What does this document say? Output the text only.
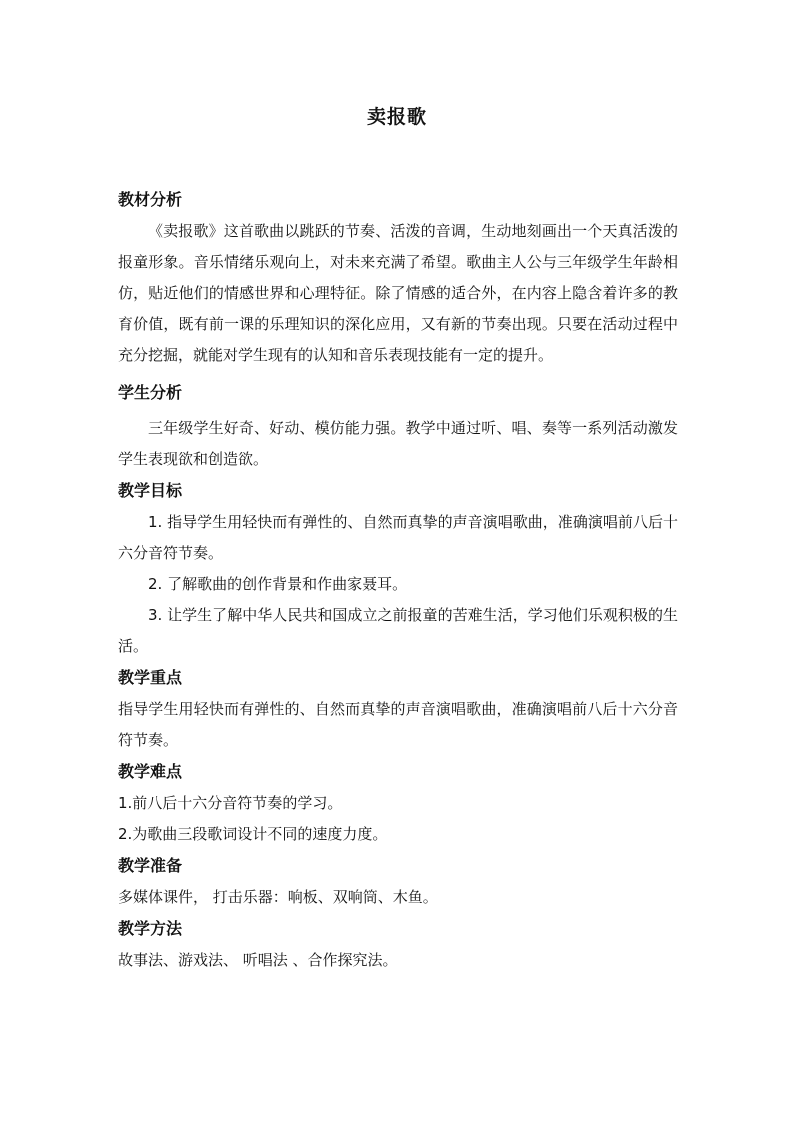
卖报歌

教材分析

《卖报歌》这首歌曲以跳跃的节奏、活泼的音调，生动地刻画出一个天真活泼的报童形象。音乐情绪乐观向上，对未来充满了希望。歌曲主人公与三年级学生年龄相仿，贴近他们的情感世界和心理特征。除了情感的适合外，在内容上隐含着许多的教育价值，既有前一课的乐理知识的深化应用，又有新的节奏出现。只要在活动过程中充分挖掘，就能对学生现有的认知和音乐表现技能有一定的提升。

学生分析

三年级学生好奇、好动、模仿能力强。教学中通过听、唱、奏等一系列活动激发学生表现欲和创造欲。

教学目标

1. 指导学生用轻快而有弹性的、自然而真挚的声音演唱歌曲，准确演唱前八后十六分音符节奏。

2. 了解歌曲的创作背景和作曲家聂耳。

3. 让学生了解中华人民共和国成立之前报童的苦难生活，学习他们乐观积极的生活。

教学重点

指导学生用轻快而有弹性的、自然而真挚的声音演唱歌曲，准确演唱前八后十六分音符节奏。

教学难点

1.前八后十六分音符节奏的学习。

2.为歌曲三段歌词设计不同的速度力度。

教学准备

多媒体课件， 打击乐器：响板、双响筒、木鱼。

教学方法

故事法、游戏法、 听唱法 、合作探究法。
